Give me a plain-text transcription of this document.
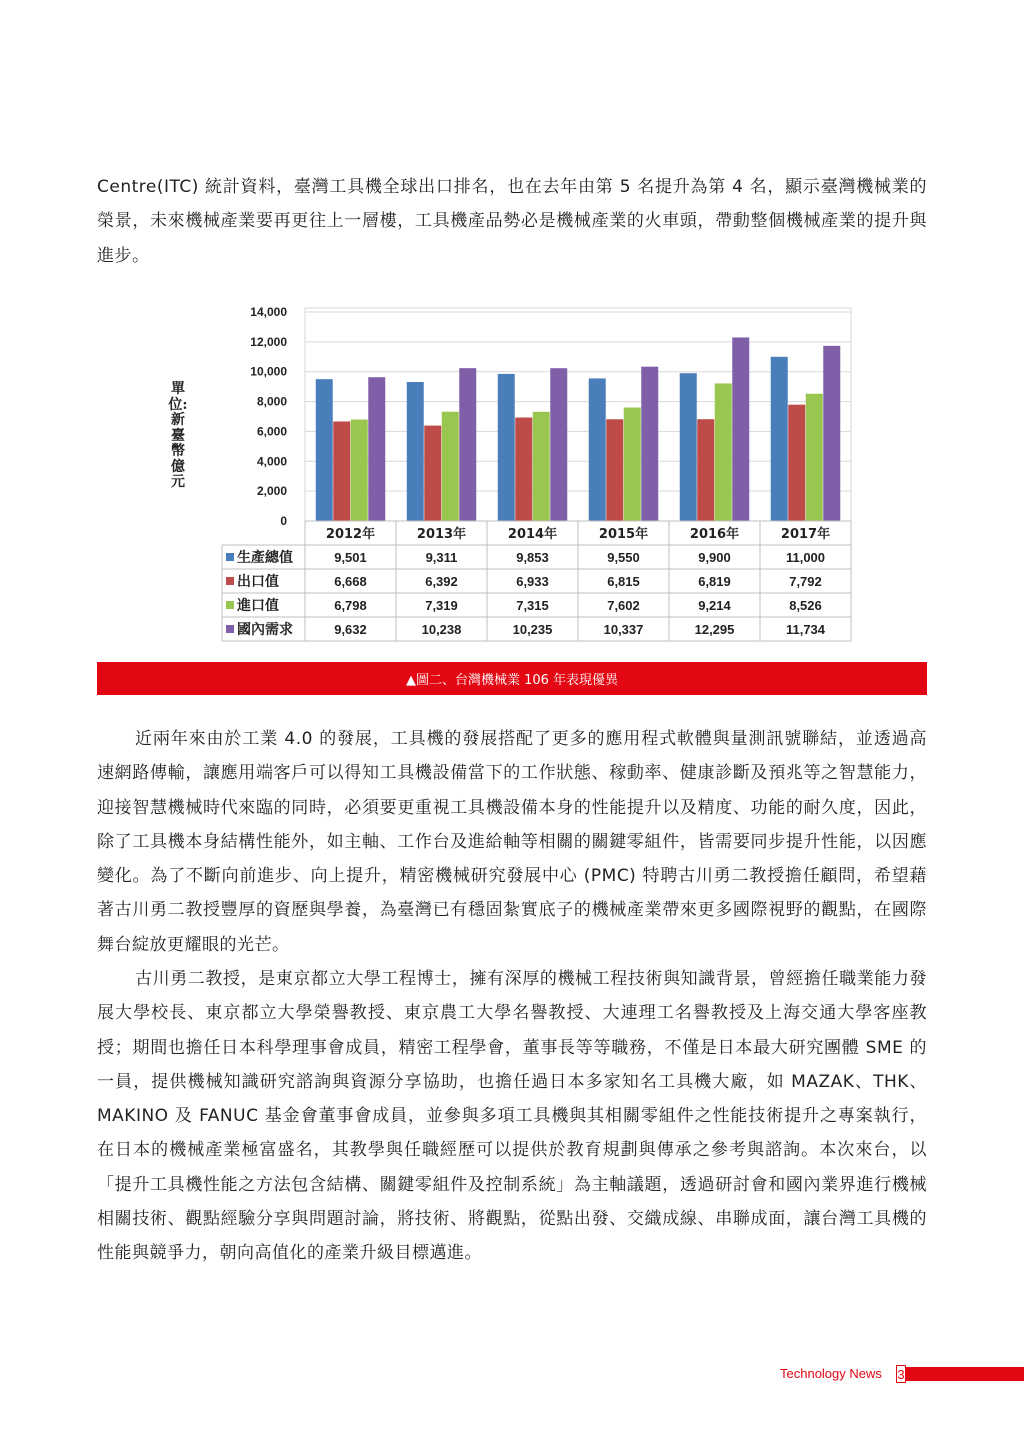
Centre(ITC) 統計資料，臺灣工具機全球出口排名，也在去年由第 5 名提升為第 4 名，顯示臺灣機械業的榮景，未來機械產業要再更往上一層樓，工具機產品勢必是機械產業的火車頭，帶動整個機械產業的提升與進步。

單位:新臺幣億元
0
2,000
4,000
6,000
8,000
10,000
12,000
14,000
2012年	2013年	2014年	2015年	2016年	2017年
生產總值	9,501	9,311	9,853	9,550	9,900	11,000
出口值	6,668	6,392	6,933	6,815	6,819	7,792
進口值	6,798	7,319	7,315	7,602	9,214	8,526
國內需求	9,632	10,238	10,235	10,337	12,295	11,734
▲圖二、台灣機械業 106 年表現優異

近兩年來由於工業 4.0 的發展，工具機的發展搭配了更多的應用程式軟體與量測訊號聯結，並透過高速網路傳輸，讓應用端客戶可以得知工具機設備當下的工作狀態、稼動率、健康診斷及預兆等之智慧能力，迎接智慧機械時代來臨的同時，必須要更重視工具機設備本身的性能提升以及精度、功能的耐久度，因此，除了工具機本身結構性能外，如主軸、工作台及進給軸等相關的關鍵零組件，皆需要同步提升性能，以因應變化。為了不斷向前進步、向上提升，精密機械研究發展中心 (PMC) 特聘古川勇二教授擔任顧問，希望藉著古川勇二教授豐厚的資歷與學養，為臺灣已有穩固紮實底子的機械產業帶來更多國際視野的觀點，在國際舞台綻放更耀眼的光芒。

古川勇二教授，是東京都立大學工程博士，擁有深厚的機械工程技術與知識背景，曾經擔任職業能力發展大學校長、東京都立大學榮譽教授、東京農工大學名譽教授、大連理工名譽教授及上海交通大學客座教授；期間也擔任日本科學理事會成員，精密工程學會，董事長等等職務，不僅是日本最大研究團體 SME 的一員，提供機械知識研究諮詢與資源分享協助，也擔任過日本多家知名工具機大廠，如 MAZAK、THK、MAKINO 及 FANUC 基金會董事會成員，並參與多項工具機與其相關零組件之性能技術提升之專案執行，在日本的機械產業極富盛名，其教學與任職經歷可以提供於教育規劃與傳承之參考與諮詢。本次來台，以「提升工具機性能之方法包含結構、關鍵零組件及控制系統」為主軸議題，透過研討會和國內業界進行機械相關技術、觀點經驗分享與問題討論，將技術、將觀點，從點出發、交織成線、串聯成面，讓台灣工具機的性能與競爭力，朝向高值化的產業升級目標邁進。

Technology News 3
